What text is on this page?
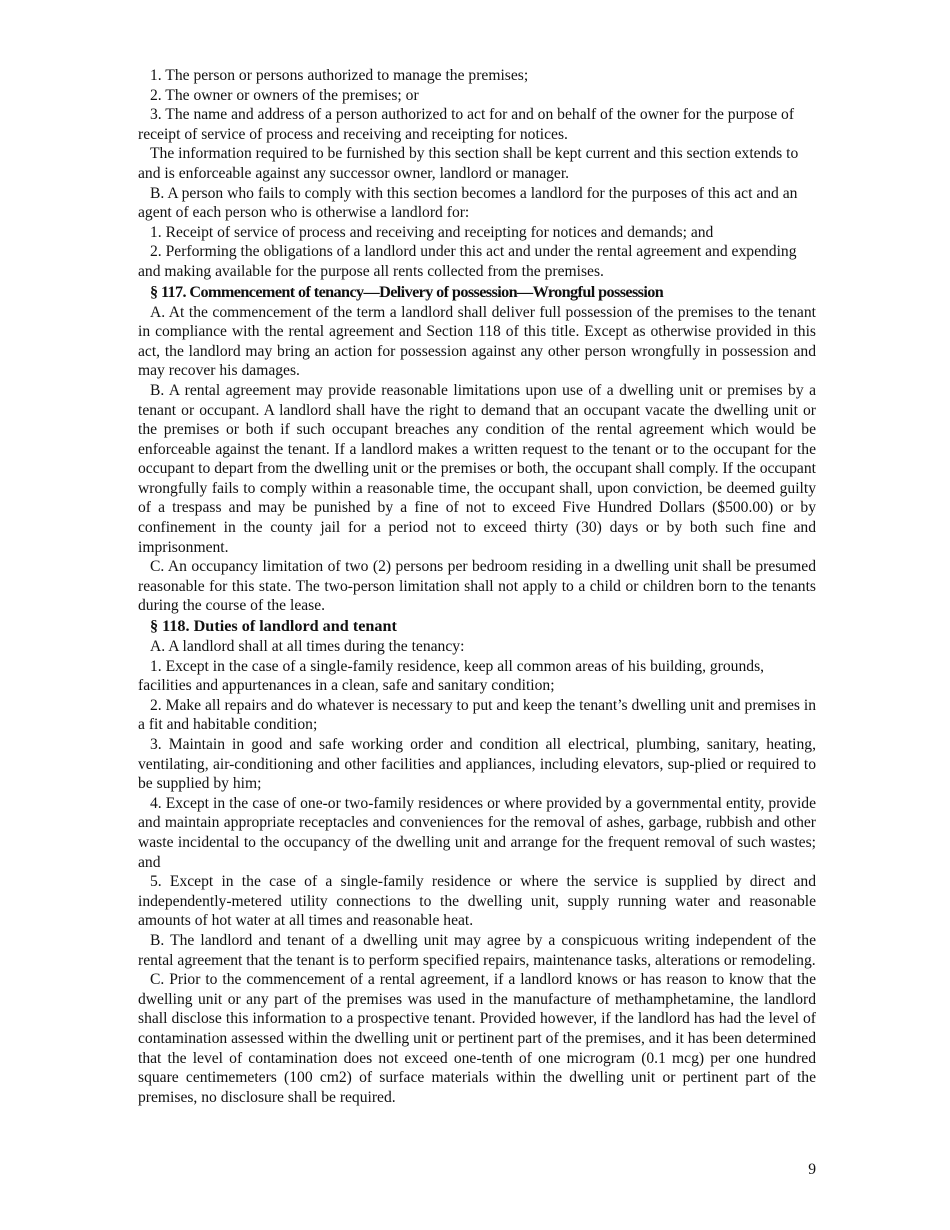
1. The person or persons authorized to manage the premises;

2. The owner or owners of the premises; or

3. The name and address of a person authorized to act for and on behalf of the owner for the purpose of receipt of service of process and receiving and receipting for notices.

The information required to be furnished by this section shall be kept current and this section extends to and is enforceable against any successor owner, landlord or manager.

B. A person who fails to comply with this section becomes a landlord for the purposes of this act and an agent of each person who is otherwise a landlord for:

1. Receipt of service of process and receiving and receipting for notices and demands; and

2. Performing the obligations of a landlord under this act and under the rental agreement and expending and making available for the purpose all rents collected from the premises.

§ 117. Commencement of tenancy—Delivery of possession—Wrongful possession

A. At the commencement of the term a landlord shall deliver full possession of the premises to the tenant in compliance with the rental agreement and Section 118 of this title. Except as otherwise provided in this act, the landlord may bring an action for possession against any other person wrongfully in possession and may recover his damages.

B. A rental agreement may provide reasonable limitations upon use of a dwelling unit or premises by a tenant or occupant. A landlord shall have the right to demand that an occupant vacate the dwelling unit or the premises or both if such occupant breaches any condition of the rental agreement which would be enforceable against the tenant. If a landlord makes a written request to the tenant or to the occupant for the occupant to depart from the dwelling unit or the premises or both, the occupant shall comply. If the occupant wrongfully fails to comply within a reasonable time, the occupant shall, upon conviction, be deemed guilty of a trespass and may be punished by a fine of not to exceed Five Hundred Dollars ($500.00) or by confinement in the county jail for a period not to exceed thirty (30) days or by both such fine and imprisonment.

C. An occupancy limitation of two (2) persons per bedroom residing in a dwelling unit shall be presumed reasonable for this state. The two-person limitation shall not apply to a child or children born to the tenants during the course of the lease.

§ 118. Duties of landlord and tenant

A. A landlord shall at all times during the tenancy:

1. Except in the case of a single-family residence, keep all common areas of his building, grounds, facilities and appurtenances in a clean, safe and sanitary condition;

2. Make all repairs and do whatever is necessary to put and keep the tenant’s dwelling unit and premises in a fit and habitable condition;

3. Maintain in good and safe working order and condition all electrical, plumbing, sanitary, heating, ventilating, air-conditioning and other facilities and appliances, including elevators, sup-plied or required to be supplied by him;

4. Except in the case of one-or two-family residences or where provided by a governmental entity, provide and maintain appropriate receptacles and conveniences for the removal of ashes, garbage, rubbish and other waste incidental to the occupancy of the dwelling unit and arrange for the frequent removal of such wastes; and

5. Except in the case of a single-family residence or where the service is supplied by direct and independently-metered utility connections to the dwelling unit, supply running water and reasonable amounts of hot water at all times and reasonable heat.

B. The landlord and tenant of a dwelling unit may agree by a conspicuous writing independent of the rental agreement that the tenant is to perform specified repairs, maintenance tasks, alterations or remodeling.

C. Prior to the commencement of a rental agreement, if a landlord knows or has reason to know that the dwelling unit or any part of the premises was used in the manufacture of methamphetamine, the landlord shall disclose this information to a prospective tenant. Provided however, if the landlord has had the level of contamination assessed within the dwelling unit or pertinent part of the premises, and it has been determined that the level of contamination does not exceed one-tenth of one microgram (0.1 mcg) per one hundred square centimemeters (100 cm2) of surface materials within the dwelling unit or pertinent part of the premises, no disclosure shall be required.

9
